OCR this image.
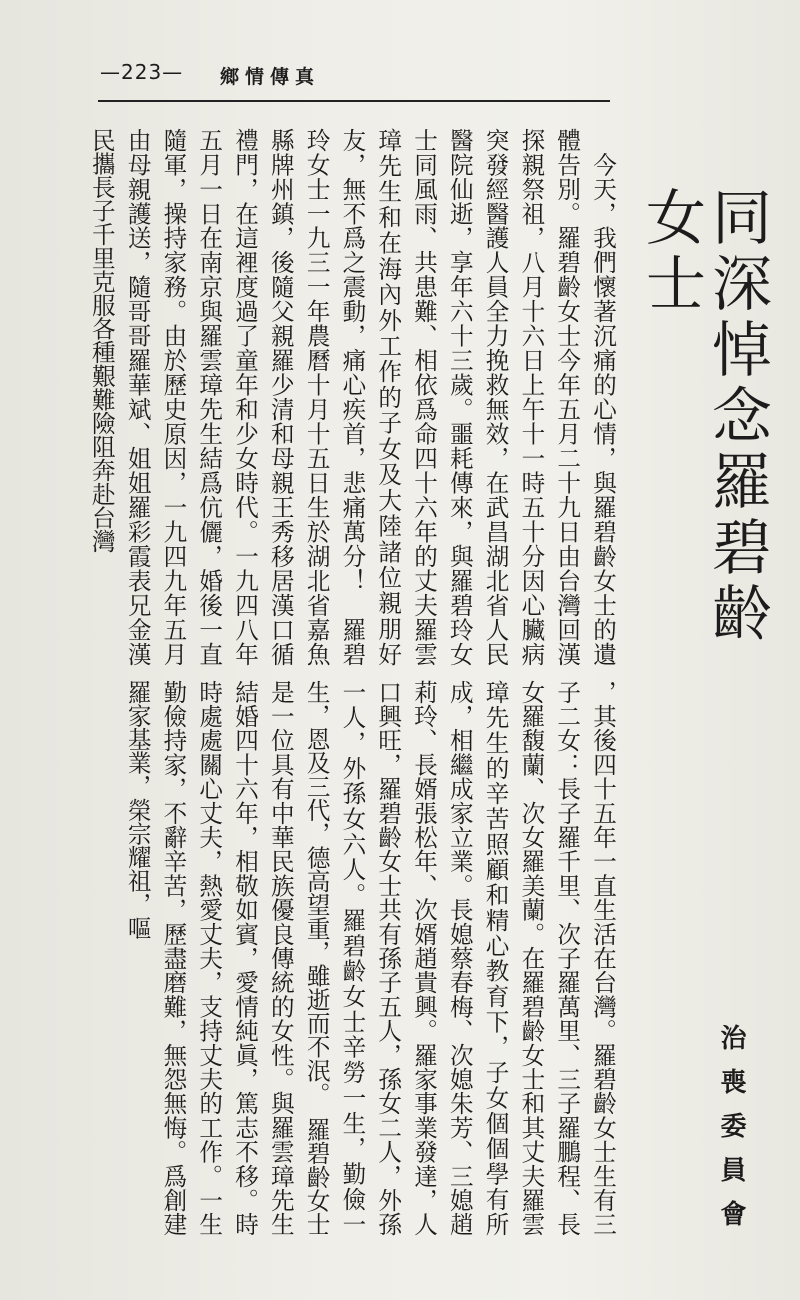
—223— 鄉情傳真
同深悼念羅碧齡女士
　今天，我們懷著沉痛的心情，與羅碧齡女士的遺體告別。羅碧齡女士今年五月二十九日由台灣回漢探親祭祖，八月十六日上午十一時五十分因心臟病突發經醫護人員全力挽救無效，在武昌湖北省人民醫院仙逝，享年六十三歲。噩耗傳來，與羅碧玲女士同風雨、共患難、相依爲命四十六年的丈夫羅雲璋先生和在海內外工作的子女及大陸諸位親朋好友，無不爲之震動，痛心疾首，悲痛萬分！　羅碧玲女士一九三一年農曆十月十五日生於湖北省嘉魚縣牌州鎮，後隨父親羅少清和母親王秀移居漢口循禮門，在這裡度過了童年和少女時代。一九四八年五月一日在南京與羅雲璋先生結爲伉儷，婚後一直隨軍，操持家務。由於歷史原因，一九四九年五月由母親護送，隨哥哥羅華斌、姐姐羅彩霞表兄金漢民攜長子千里克服各種艱難險阻奔赴台灣
，其後四十五年一直生活在台灣。羅碧齡女士生有三子二女：長子羅千里、次子羅萬里、三子羅鵬程、長女羅馥蘭、次女羅美蘭。在羅碧齡女士和其丈夫羅雲璋先生的辛苦照顧和精心教育下，子女個個學有所成，相繼成家立業。長媳蔡春梅、次媳朱芳、三媳趙莉玲、長婿張松年、次婿趙貴興。羅家事業發達，人口興旺，羅碧齡女士共有孫子五人，孫女二人，外孫一人，外孫女六人。羅碧齡女士辛勞一生，勤儉一生，恩及三代，德高望重，雖逝而不泯。　羅碧齡女士是一位具有中華民族優良傳統的女性。與羅雲璋先生結婚四十六年，相敬如賓，愛情純眞，篤志不移。時時處處關心丈夫，熱愛丈夫，支持丈夫的工作。一生勤儉持家，不辭辛苦，歷盡磨難，無怨無悔。爲創建羅家基業，榮宗耀祖，嘔
治喪委員會
